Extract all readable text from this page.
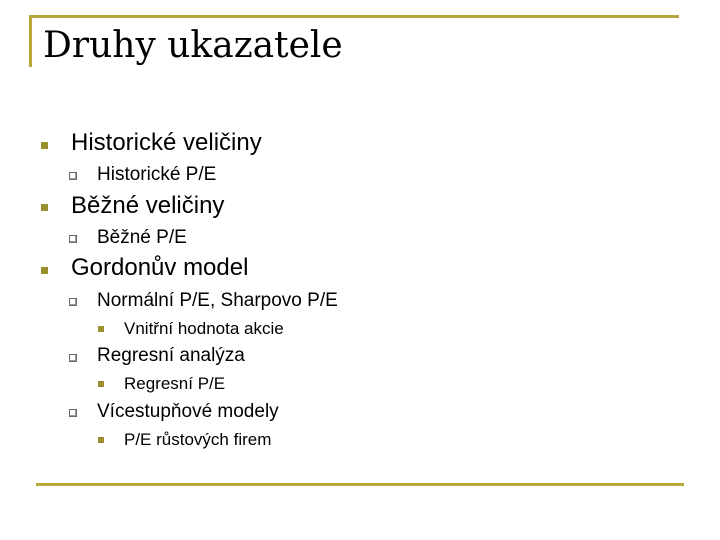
Druhy ukazatele
Historické veličiny
Historické P/E
Běžné veličiny
Běžné P/E
Gordonův model
Normální P/E, Sharpovo P/E
Vnitřní hodnota akcie
Regresní analýza
Regresní P/E
Vícestupňové modely
P/E růstových firem
